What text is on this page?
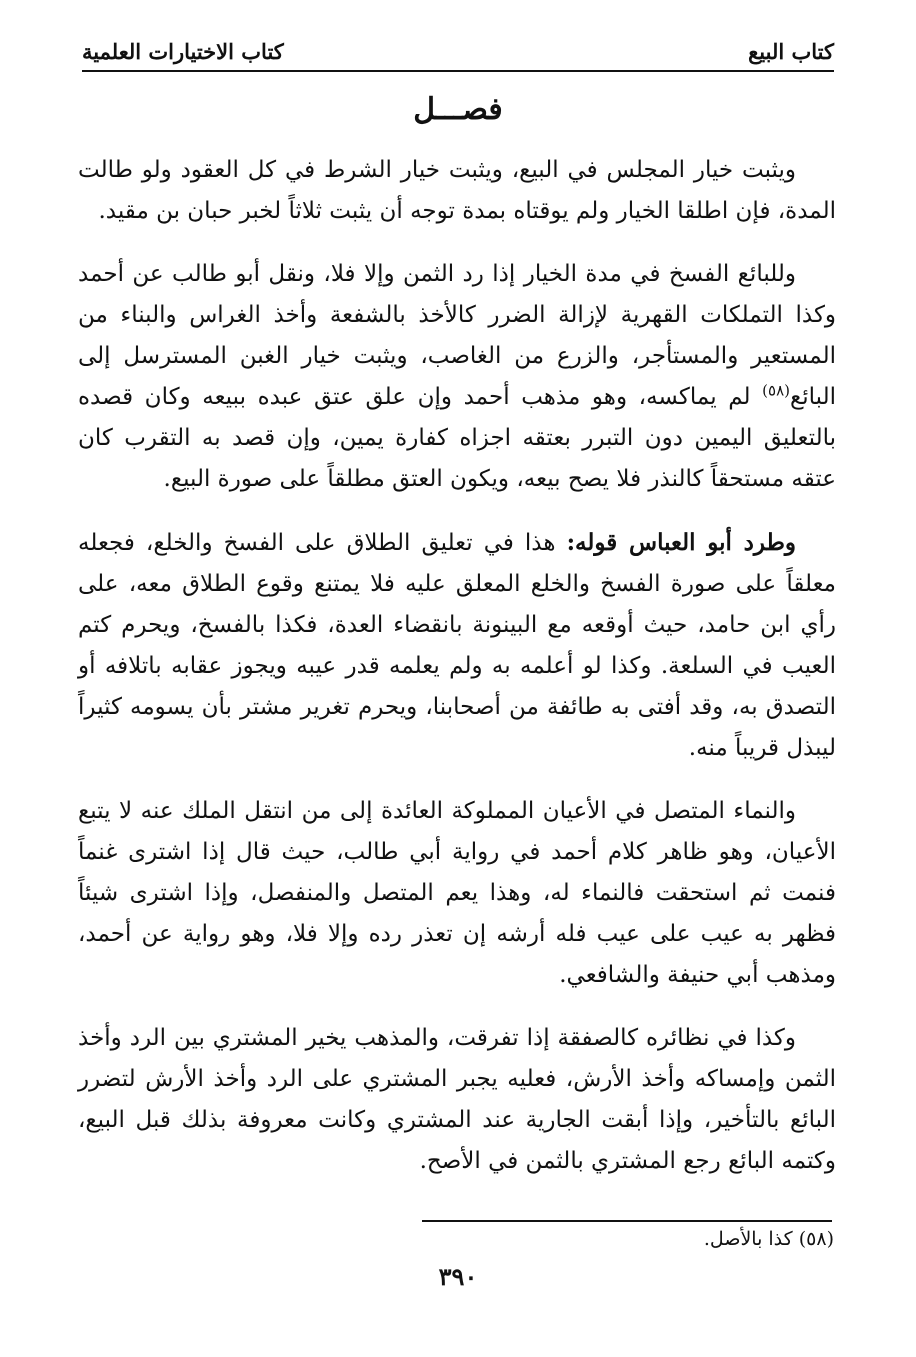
كتاب البيع
كتاب الاختيارات العلمية
فصـــل

ويثبت خيار المجلس في البيع، ويثبت خيار الشرط في كل العقود ولو طالت المدة، فإن اطلقا الخيار ولم يوقتاه بمدة توجه أن يثبت ثلاثاً لخبر حبان بن مقيد.

وللبائع الفسخ في مدة الخيار إذا رد الثمن وإلا فلا، ونقل أبو طالب عن أحمد وكذا التملكات القهرية لإزالة الضرر كالأخذ بالشفعة وأخذ الغراس والبناء من المستعير والمستأجر، والزرع من الغاصب، ويثبت خيار الغبن المسترسل إلى البائع$^{(٥٨)}$ لم يماكسه، وهو مذهب أحمد وإن علق عتق عبده ببيعه وكان قصده بالتعليق اليمين دون التبرر بعتقه اجزاه كفارة يمين، وإن قصد به التقرب كان عتقه مستحقاً كالنذر فلا يصح بيعه، ويكون العتق مطلقاً على صورة البيع.

وطرد أبو العباس قوله: هذا في تعليق الطلاق على الفسخ والخلع، فجعله معلقاً على صورة الفسخ والخلع المعلق عليه فلا يمتنع وقوع الطلاق معه، على رأي ابن حامد، حيث أوقعه مع البينونة بانقضاء العدة، فكذا بالفسخ، ويحرم كتم العيب في السلعة. وكذا لو أعلمه به ولم يعلمه قدر عيبه ويجوز عقابه باتلافه أو التصدق به، وقد أفتى به طائفة من أصحابنا، ويحرم تغرير مشتر بأن يسومه كثيراً ليبذل قريباً منه.

والنماء المتصل في الأعيان المملوكة العائدة إلى من انتقل الملك عنه لا يتبع الأعيان، وهو ظاهر كلام أحمد في رواية أبي طالب، حيث قال إذا اشترى غنماً فنمت ثم استحقت فالنماء له، وهذا يعم المتصل والمنفصل، وإذا اشترى شيئاً فظهر به عيب على عيب فله أرشه إن تعذر رده وإلا فلا، وهو رواية عن أحمد، ومذهب أبي حنيفة والشافعي.

وكذا في نظائره كالصفقة إذا تفرقت، والمذهب يخير المشتري بين الرد وأخذ الثمن وإمساكه وأخذ الأرش، فعليه يجبر المشتري على الرد وأخذ الأرش لتضرر البائع بالتأخير، وإذا أبقت الجارية عند المشتري وكانت معروفة بذلك قبل البيع، وكتمه البائع رجع المشتري بالثمن في الأصح.

(٥٨) كذا بالأصل.
٣٩٠
